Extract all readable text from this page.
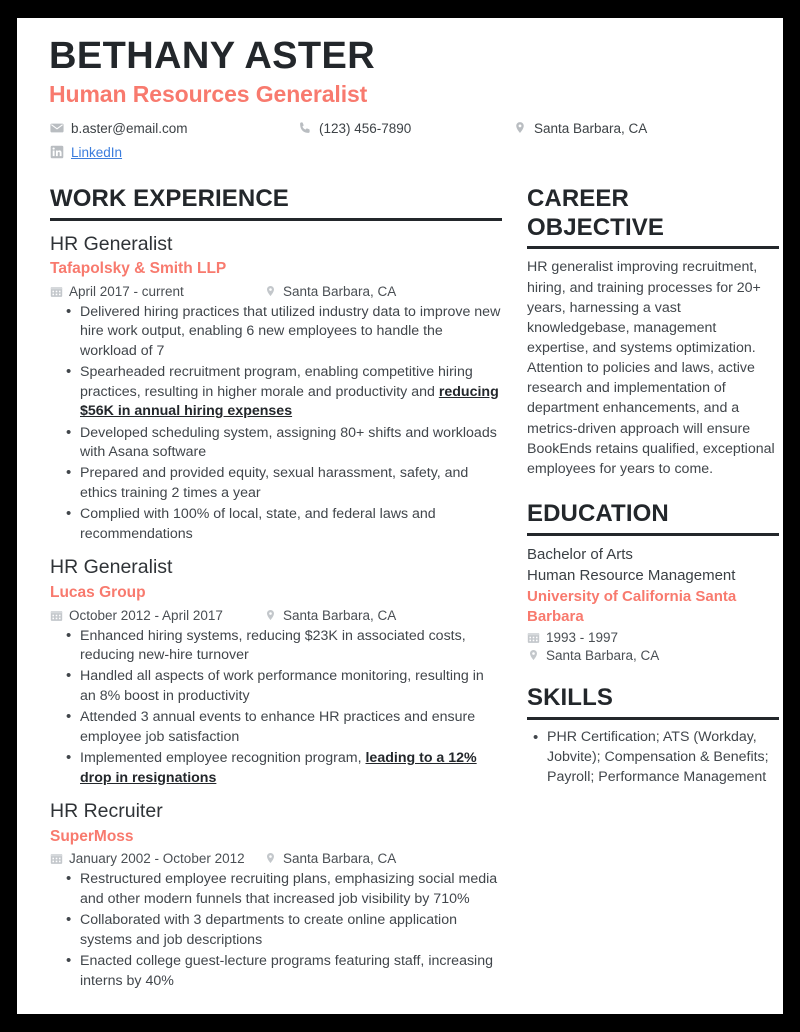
BETHANY ASTER
Human Resources Generalist
b.aster@email.com	(123) 456-7890	Santa Barbara, CA
LinkedIn
WORK EXPERIENCE
HR Generalist
Tafapolsky & Smith LLP
April 2017 - current	Santa Barbara, CA
• Delivered hiring practices that utilized industry data to improve new hire work output, enabling 6 new employees to handle the workload of 7
• Spearheaded recruitment program, enabling competitive hiring practices, resulting in higher morale and productivity and reducing $56K in annual hiring expenses
• Developed scheduling system, assigning 80+ shifts and workloads with Asana software
• Prepared and provided equity, sexual harassment, safety, and ethics training 2 times a year
• Complied with 100% of local, state, and federal laws and recommendations
HR Generalist
Lucas Group
October 2012 - April 2017	Santa Barbara, CA
• Enhanced hiring systems, reducing $23K in associated costs, reducing new-hire turnover
• Handled all aspects of work performance monitoring, resulting in an 8% boost in productivity
• Attended 3 annual events to enhance HR practices and ensure employee job satisfaction
• Implemented employee recognition program, leading to a 12% drop in resignations
HR Recruiter
SuperMoss
January 2002 - October 2012	Santa Barbara, CA
• Restructured employee recruiting plans, emphasizing social media and other modern funnels that increased job visibility by 710%
• Collaborated with 3 departments to create online application systems and job descriptions
• Enacted college guest-lecture programs featuring staff, increasing interns by 40%
CAREER
OBJECTIVE
HR generalist improving recruitment, hiring, and training processes for 20+ years, harnessing a vast knowledgebase, management expertise, and systems optimization. Attention to policies and laws, active research and implementation of department enhancements, and a metrics-driven approach will ensure BookEnds retains qualified, exceptional employees for years to come.
EDUCATION
Bachelor of Arts
Human Resource Management
University of California Santa Barbara
1993 - 1997
Santa Barbara, CA
SKILLS
• PHR Certification; ATS (Workday, Jobvite); Compensation & Benefits; Payroll; Performance Management
